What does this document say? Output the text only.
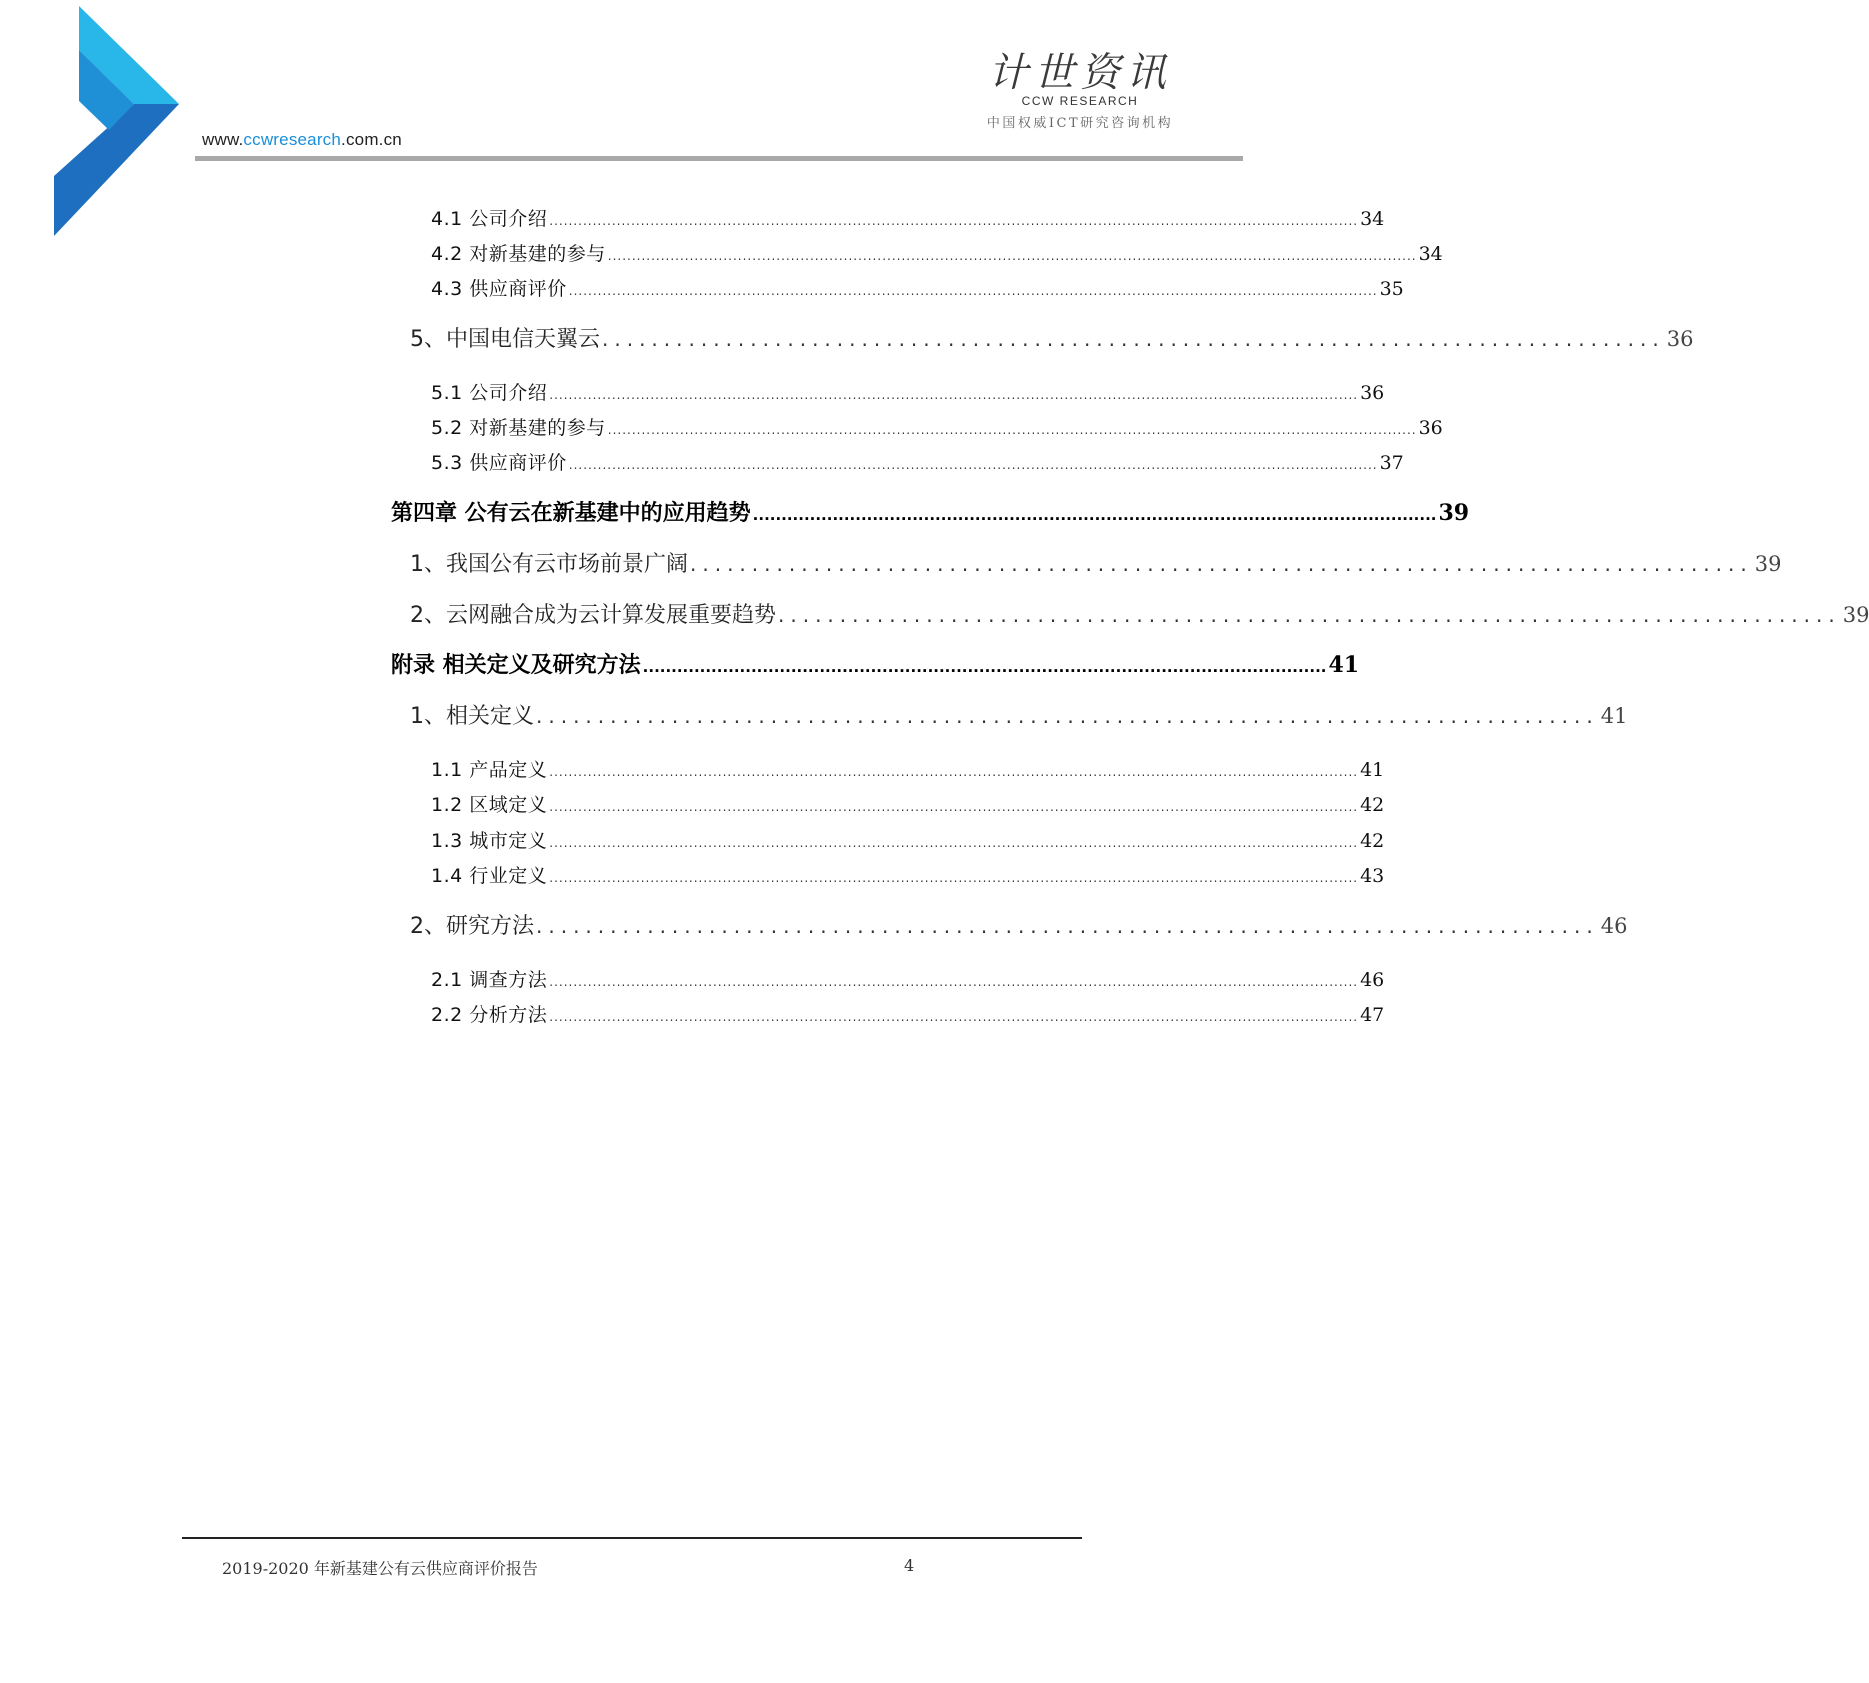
www.ccwresearch.com.cn
计世资讯
CCW RESEARCH
中国权威ICT研究咨询机构
4.1 公司介绍 ........................................................................................................................................................................ 34
4.2 对新基建的参与 ........................................................................................................................................................................ 34
4.3 供应商评价 ........................................................................................................................................................................ 35
5、中国电信天翼云 ...................................................................................... 36
5.1 公司介绍 ........................................................................................................................................................................ 36
5.2 对新基建的参与 ........................................................................................................................................................................ 36
5.3 供应商评价 ........................................................................................................................................................................ 37
第四章 公有云在新基建中的应用趋势 ........................................................................................................................ 39
1、我国公有云市场前景广阔 ...................................................................................... 39
2、云网融合成为云计算发展重要趋势 ...................................................................................... 39
附录 相关定义及研究方法 ........................................................................................................................ 41
1、相关定义 ...................................................................................... 41
1.1 产品定义 ........................................................................................................................................................................ 41
1.2 区域定义 ........................................................................................................................................................................ 42
1.3 城市定义 ........................................................................................................................................................................ 42
1.4 行业定义 ........................................................................................................................................................................ 43
2、研究方法 ...................................................................................... 46
2.1 调查方法 ........................................................................................................................................................................ 46
2.2 分析方法 ........................................................................................................................................................................ 47
2019-2020 年新基建公有云供应商评价报告	4
